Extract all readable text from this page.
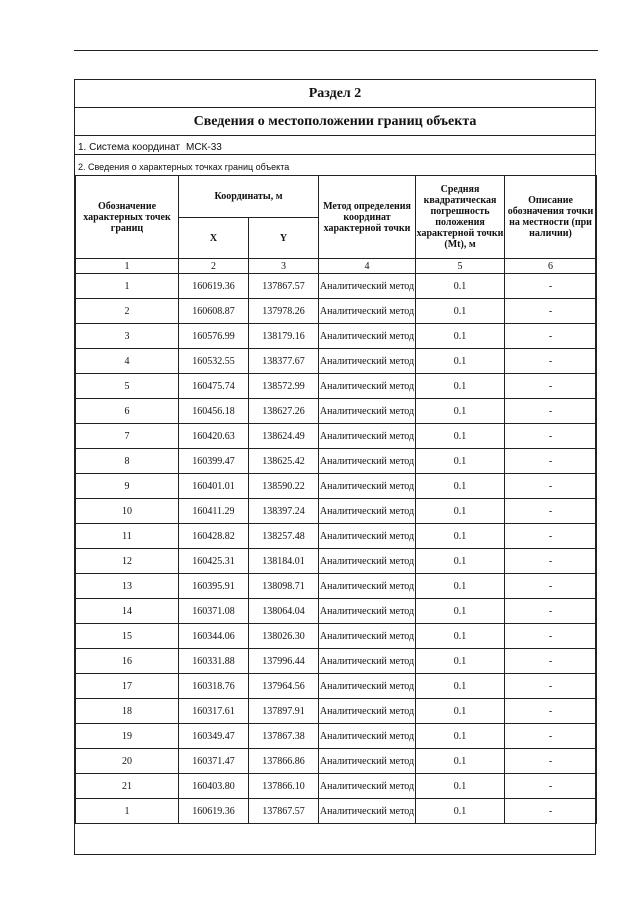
Раздел 2
Сведения о местоположении границ объекта
1. Система координат МСК-33
2. Сведения о характерных точках границ объекта
Обозначение характерных точек границ	Координаты, м		Метод определения координат характерной точки	Средняя квадратическая погрешность положения характерной точки (Mt), м	Описание обозначения точки на местности (при наличии)
	X	Y			
1	2	3	4	5	6
1	160619.36	137867.57	Аналитический метод	0.1	-
2	160608.87	137978.26	Аналитический метод	0.1	-
3	160576.99	138179.16	Аналитический метод	0.1	-
4	160532.55	138377.67	Аналитический метод	0.1	-
5	160475.74	138572.99	Аналитический метод	0.1	-
6	160456.18	138627.26	Аналитический метод	0.1	-
7	160420.63	138624.49	Аналитический метод	0.1	-
8	160399.47	138625.42	Аналитический метод	0.1	-
9	160401.01	138590.22	Аналитический метод	0.1	-
10	160411.29	138397.24	Аналитический метод	0.1	-
11	160428.82	138257.48	Аналитический метод	0.1	-
12	160425.31	138184.01	Аналитический метод	0.1	-
13	160395.91	138098.71	Аналитический метод	0.1	-
14	160371.08	138064.04	Аналитический метод	0.1	-
15	160344.06	138026.30	Аналитический метод	0.1	-
16	160331.88	137996.44	Аналитический метод	0.1	-
17	160318.76	137964.56	Аналитический метод	0.1	-
18	160317.61	137897.91	Аналитический метод	0.1	-
19	160349.47	137867.38	Аналитический метод	0.1	-
20	160371.47	137866.86	Аналитический метод	0.1	-
21	160403.80	137866.10	Аналитический метод	0.1	-
1	160619.36	137867.57	Аналитический метод	0.1	-
